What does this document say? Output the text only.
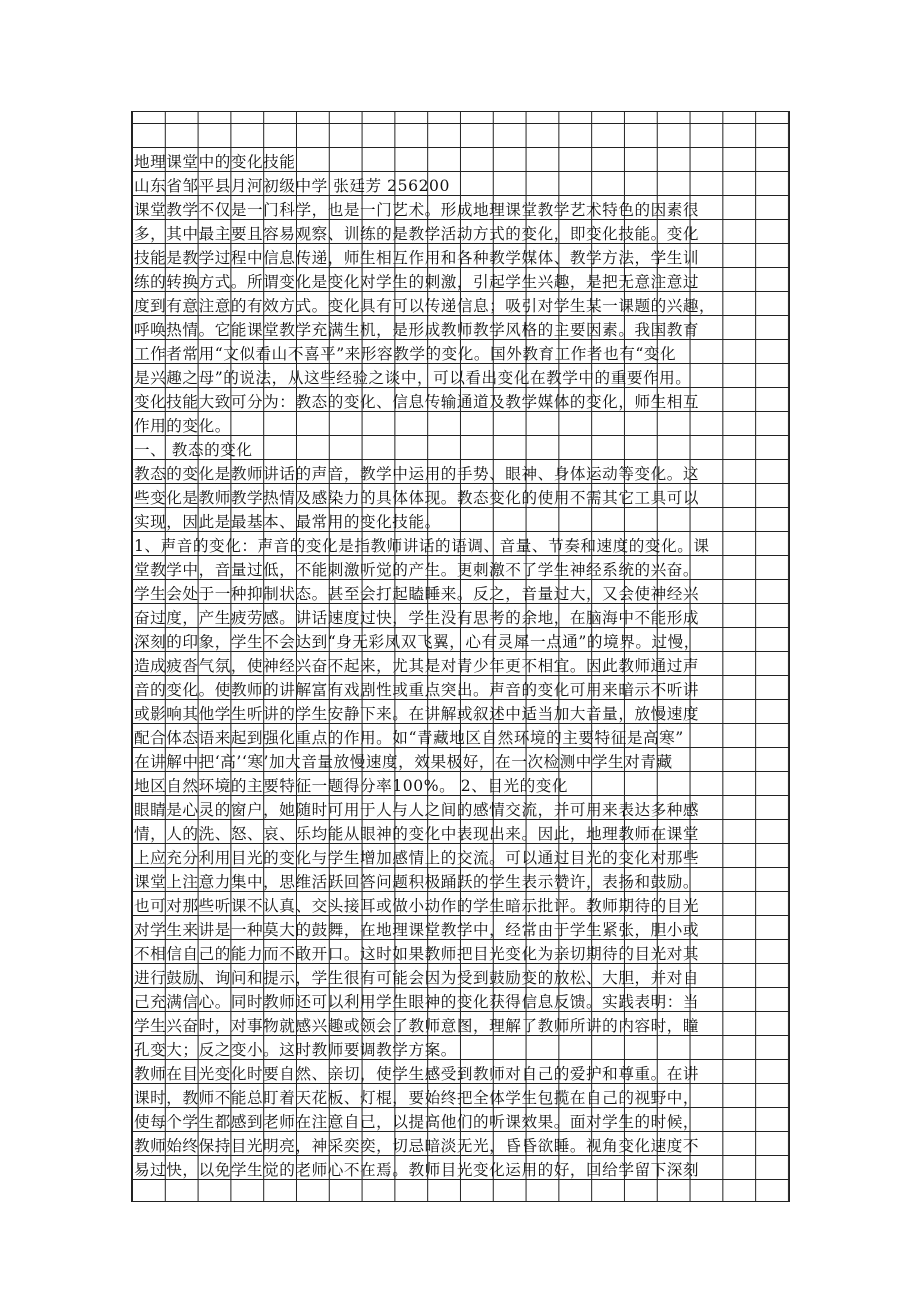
地理课堂中的变化技能
山东省邹平县月河初级中学 张廷芳 256200
课堂教学不仅是一门科学，也是一门艺术。形成地理课堂教学艺术特色的因素很
多，其中最主要且容易观察、训练的是教学活动方式的变化，即变化技能。变化
技能是教学过程中信息传递，师生相互作用和各种教学媒体、教学方法，学生训
练的转换方式。所谓变化是变化对学生的刺激，引起学生兴趣，是把无意注意过
度到有意注意的有效方式。变化具有可以传递信息；吸引对学生某一课题的兴趣，
呼唤热情。它能课堂教学充满生机，是形成教师教学风格的主要因素。我国教育
工作者常用“文似看山不喜平”来形容教学的变化。国外教育工作者也有“变化
是兴趣之母”的说法，从这些经验之谈中，可以看出变化在教学中的重要作用。
变化技能大致可分为：教态的变化、信息传输通道及教学媒体的变化，师生相互
作用的变化。
一、 教态的变化
教态的变化是教师讲话的声音，教学中运用的手势、眼神、身体运动等变化。这
些变化是教师教学热情及感染力的具体体现。教态变化的使用不需其它工具可以
实现，因此是最基本、最常用的变化技能。
1、声音的变化：声音的变化是指教师讲话的语调、音量、节奏和速度的变化。课
堂教学中，音量过低，不能刺激听觉的产生。更刺激不了学生神经系统的兴奋。
学生会处于一种抑制状态。甚至会打起瞌睡来。反之，音量过大，又会使神经兴
奋过度，产生疲劳感。讲话速度过快，学生没有思考的余地，在脑海中不能形成
深刻的印象，学生不会达到“身无彩凤双飞翼，心有灵犀一点通”的境界。过慢，
造成疲沓气氛，使神经兴奋不起来，尤其是对青少年更不相宜。因此教师通过声
音的变化。使教师的讲解富有戏剧性或重点突出。声音的变化可用来暗示不听讲
或影响其他学生听讲的学生安静下来。在讲解或叙述中适当加大音量，放慢速度
配合体态语来起到强化重点的作用。如“青藏地区自然环境的主要特征是高寒”
在讲解中把‘高’‘寒’加大音量放慢速度，效果极好，在一次检测中学生对青藏
地区自然环境的主要特征一题得分率100%。 2、目光的变化
眼睛是心灵的窗户，她随时可用于人与人之间的感情交流，并可用来表达多种感
情，人的洗、怒、哀、乐均能从眼神的变化中表现出来。因此，地理教师在课堂
上应充分利用目光的变化与学生增加感情上的交流。可以通过目光的变化对那些
课堂上注意力集中，思维活跃回答问题积极踊跃的学生表示赞许，表扬和鼓励。
也可对那些听课不认真、交头接耳或做小动作的学生暗示批评。教师期待的目光
对学生来讲是一种莫大的鼓舞，在地理课堂教学中，经常由于学生紧张，胆小或
不相信自己的能力而不敢开口。这时如果教师把目光变化为亲切期待的目光对其
进行鼓励、询问和提示，学生很有可能会因为受到鼓励变的放松、大胆，并对自
己充满信心。同时教师还可以利用学生眼神的变化获得信息反馈。实践表明：当
学生兴奋时，对事物就感兴趣或领会了教师意图，理解了教师所讲的内容时，瞳
孔变大；反之变小。这时教师要调教学方案。
教师在目光变化时要自然、亲切，使学生感受到教师对自己的爱护和尊重。在讲
课时，教师不能总盯着天花板、灯棍，要始终把全体学生包揽在自己的视野中，
使每个学生都感到老师在注意自己，以提高他们的听课效果。面对学生的时候，
教师始终保持目光明亮，神采奕奕，切忌暗淡无光，昏昏欲睡。视角变化速度不
易过快，以免学生觉的老师心不在焉。教师目光变化运用的好，回给学留下深刻
